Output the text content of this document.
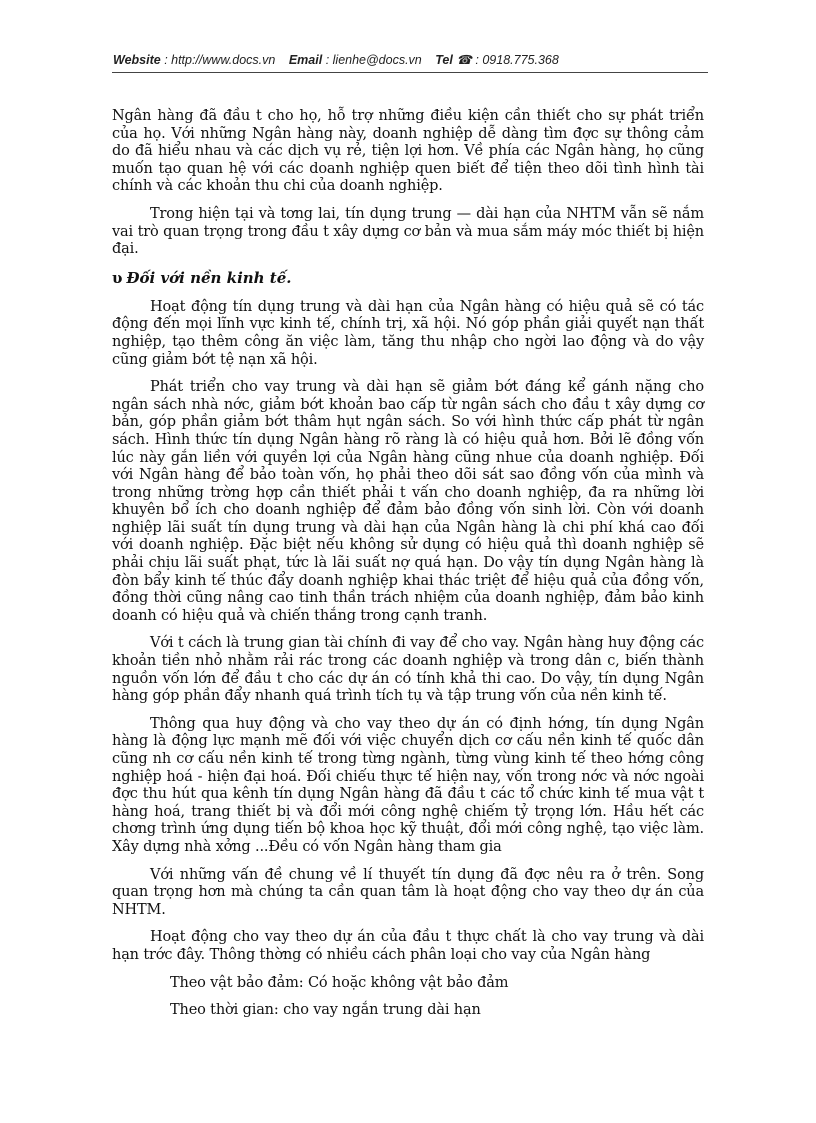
Website : http://www.docs.vn Email : lienhe@docs.vn Tel ☎ : 0918.775.368

Ngân hàng đã đầu t cho họ, hỗ trợ những điều kiện cần thiết cho sự phát triển của họ. Với những Ngân hàng này, doanh nghiệp dễ dàng tìm đợc sự thông cảm do đã hiểu nhau và các dịch vụ rẻ, tiện lợi hơn. Về phía các Ngân hàng, họ cũng muốn tạo quan hệ với các doanh nghiệp quen biết để tiện theo dõi tình hình tài chính và các khoản thu chi của doanh nghiệp.

Trong hiện tại và tơng lai, tín dụng trung — dài hạn của NHTM vẫn sẽ nắm vai trò quan trọng trong đầu t xây dựng cơ bản và mua sắm máy móc thiết bị hiện đại.

υ Đối với nền kinh tế.

Hoạt động tín dụng trung và dài hạn của Ngân hàng có hiệu quả sẽ có tác động đến mọi lĩnh vực kinh tế, chính trị, xã hội. Nó góp phần giải quyết nạn thất nghiệp, tạo thêm công ăn việc làm, tăng thu nhập cho ngời lao động và do vậy cũng giảm bớt tệ nạn xã hội.

Phát triển cho vay trung và dài hạn sẽ giảm bớt đáng kể gánh nặng cho ngân sách nhà nớc, giảm bớt khoản bao cấp từ ngân sách cho đầu t xây dựng cơ bản, góp phần giảm bớt thâm hụt ngân sách. So với hình thức cấp phát từ ngân sách. Hình thức tín dụng Ngân hàng rõ ràng là có hiệu quả hơn. Bởi lẽ đồng vốn lúc này gắn liền với quyền lợi của Ngân hàng cũng nhue của doanh nghiệp. Đối với Ngân hàng để bảo toàn vốn, họ phải theo dõi sát sao đồng vốn của mình và trong những trờng hợp cần thiết phải t vấn cho doanh nghiệp, đa ra những lời khuyên bổ ích cho doanh nghiệp để đảm bảo đồng vốn sinh lời. Còn với doanh nghiệp lãi suất tín dụng trung và dài hạn của Ngân hàng là chi phí khá cao đối với doanh nghiệp. Đặc biệt nếu không sử dụng có hiệu quả thì doanh nghiệp sẽ phải chịu lãi suất phạt, tức là lãi suất nợ quá hạn. Do vậy tín dụng Ngân hàng là đòn bẩy kinh tế thúc đẩy doanh nghiệp khai thác triệt để hiệu quả của đồng vốn, đồng thời cũng nâng cao tinh thần trách nhiệm của doanh nghiệp, đảm bảo kinh doanh có hiệu quả và chiến thắng trong cạnh tranh.

Với t cách là trung gian tài chính đi vay để cho vay. Ngân hàng huy động các khoản tiền nhỏ nhằm rải rác trong các doanh nghiệp và trong dân c, biến thành nguồn vốn lớn để đầu t cho các dự án có tính khả thi cao. Do vậy, tín dụng Ngân hàng góp phần đẩy nhanh quá trình tích tụ và tập trung vốn của nền kinh tế.

Thông qua huy động và cho vay theo dự án có định hớng, tín dụng Ngân hàng là động lực mạnh mẽ đối với việc chuyển dịch cơ cấu nền kinh tế quốc dân cũng nh cơ cấu nền kinh tế trong từng ngành, từng vùng kinh tế theo hớng công nghiệp hoá - hiện đại hoá. Đối chiếu thực tế hiện nay, vốn trong nớc và nớc ngoài đợc thu hút qua kênh tín dụng Ngân hàng đã đầu t các tổ chức kinh tế mua vật t hàng hoá, trang thiết bị và đổi mới công nghệ chiếm tỷ trọng lớn. Hầu hết các chơng trình ứng dụng tiến bộ khoa học kỹ thuật, đổi mới công nghệ, tạo việc làm. Xây dựng nhà xởng ...Đều có vốn Ngân hàng tham gia

Với những vấn đề chung về lí thuyết tín dụng đã đợc nêu ra ở trên. Song quan trọng hơn mà chúng ta cần quan tâm là hoạt động cho vay theo dự án của NHTM.

Hoạt động cho vay theo dự án của đầu t thực chất là cho vay trung và dài hạn trớc đây. Thông thờng có nhiều cách phân loại cho vay của Ngân hàng

Theo vật bảo đảm: Có hoặc không vật bảo đảm

Theo thời gian: cho vay ngắn trung dài hạn
